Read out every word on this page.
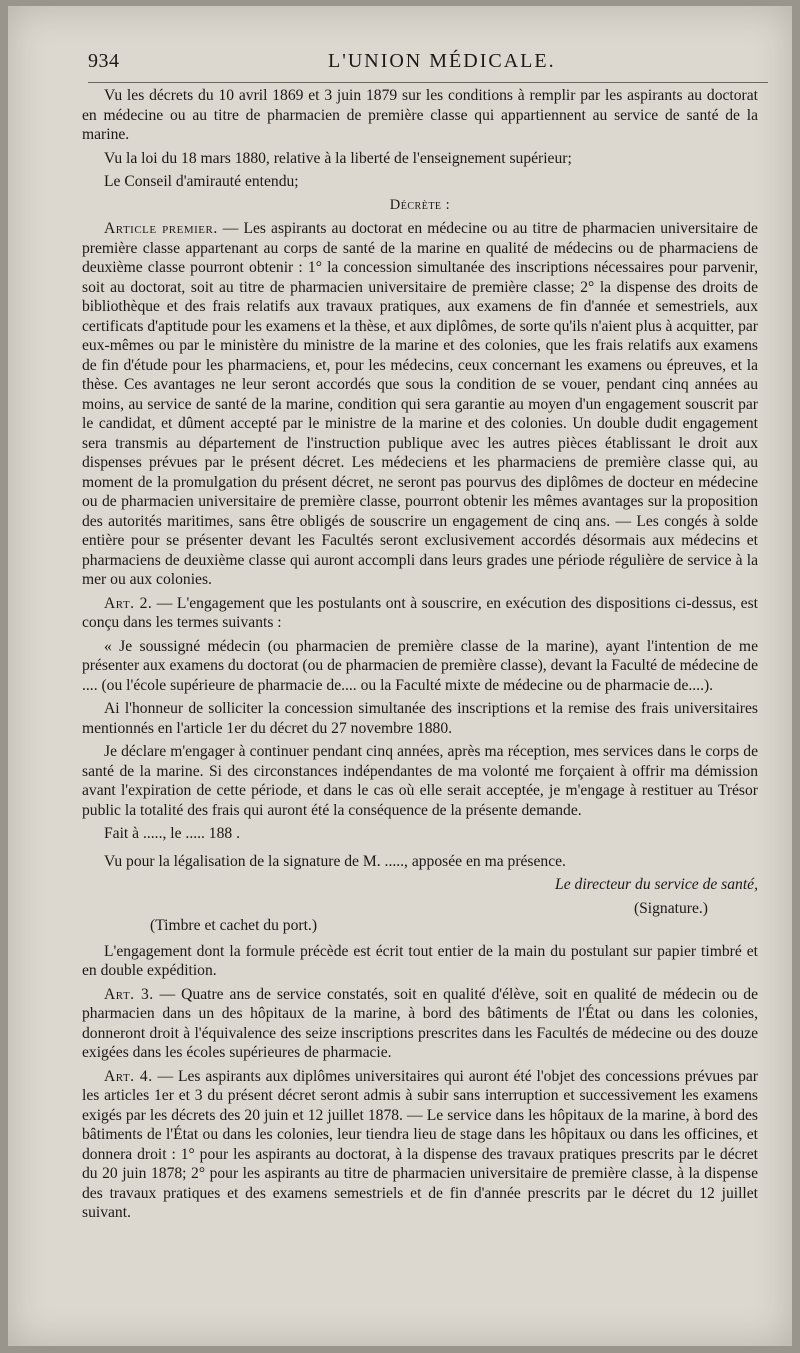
934	L'UNION MÉDICALE.

Vu les décrets du 10 avril 1869 et 3 juin 1879 sur les conditions à remplir par les aspirants au doctorat en médecine ou au titre de pharmacien de première classe qui appartiennent au service de santé de la marine.

Vu la loi du 18 mars 1880, relative à la liberté de l'enseignement supérieur;

Le Conseil d'amirauté entendu;

Décrète :

Article premier. — Les aspirants au doctorat en médecine ou au titre de pharmacien universitaire de première classe appartenant au corps de santé de la marine en qualité de médecins ou de pharmaciens de deuxième classe pourront obtenir : 1° la concession simultanée des inscriptions nécessaires pour parvenir, soit au doctorat, soit au titre de pharmacien universitaire de première classe; 2° la dispense des droits de bibliothèque et des frais relatifs aux travaux pratiques, aux examens de fin d'année et semestriels, aux certificats d'aptitude pour les examens et la thèse, et aux diplômes, de sorte qu'ils n'aient plus à acquitter, par eux-mêmes ou par le ministère du ministre de la marine et des colonies, que les frais relatifs aux examens de fin d'étude pour les pharmaciens, et, pour les médecins, ceux concernant les examens ou épreuves, et la thèse. Ces avantages ne leur seront accordés que sous la condition de se vouer, pendant cinq années au moins, au service de santé de la marine, condition qui sera garantie au moyen d'un engagement souscrit par le candidat, et dûment accepté par le ministre de la marine et des colonies. Un double dudit engagement sera transmis au département de l'instruction publique avec les autres pièces établissant le droit aux dispenses prévues par le présent décret. Les médeciens et les pharmaciens de première classe qui, au moment de la promulgation du présent décret, ne seront pas pourvus des diplômes de docteur en médecine ou de pharmacien universitaire de première classe, pourront obtenir les mêmes avantages sur la proposition des autorités maritimes, sans être obligés de souscrire un engagement de cinq ans. — Les congés à solde entière pour se présenter devant les Facultés seront exclusivement accordés désormais aux médecins et pharmaciens de deuxième classe qui auront accompli dans leurs grades une période régulière de service à la mer ou aux colonies.

Art. 2. — L'engagement que les postulants ont à souscrire, en exécution des dispositions ci-dessus, est conçu dans les termes suivants :

« Je soussigné médecin (ou pharmacien de première classe de la marine), ayant l'intention de me présenter aux examens du doctorat (ou de pharmacien de première classe), devant la Faculté de médecine de .... (ou l'école supérieure de pharmacie de.... ou la Faculté mixte de médecine ou de pharmacie de....).

Ai l'honneur de solliciter la concession simultanée des inscriptions et la remise des frais universitaires mentionnés en l'article 1er du décret du 27 novembre 1880.

Je déclare m'engager à continuer pendant cinq années, après ma réception, mes services dans le corps de santé de la marine. Si des circonstances indépendantes de ma volonté me forçaient à offrir ma démission avant l'expiration de cette période, et dans le cas où elle serait acceptée, je m'engage à restituer au Trésor public la totalité des frais qui auront été la conséquence de la présente demande.

Fait à ....., le ..... 188 .

Vu pour la légalisation de la signature de M. ....., apposée en ma présence.

Le directeur du service de santé,
(Signature.)
(Timbre et cachet du port.)

L'engagement dont la formule précède est écrit tout entier de la main du postulant sur papier timbré et en double expédition.

Art. 3. — Quatre ans de service constatés, soit en qualité d'élève, soit en qualité de médecin ou de pharmacien dans un des hôpitaux de la marine, à bord des bâtiments de l'État ou dans les colonies, donneront droit à l'équivalence des seize inscriptions prescrites dans les Facultés de médecine ou des douze exigées dans les écoles supérieures de pharmacie.

Art. 4. — Les aspirants aux diplômes universitaires qui auront été l'objet des concessions prévues par les articles 1er et 3 du présent décret seront admis à subir sans interruption et successivement les examens exigés par les décrets des 20 juin et 12 juillet 1878. — Le service dans les hôpitaux de la marine, à bord des bâtiments de l'État ou dans les colonies, leur tiendra lieu de stage dans les hôpitaux ou dans les officines, et donnera droit : 1° pour les aspirants au doctorat, à la dispense des travaux pratiques prescrits par le décret du 20 juin 1878; 2° pour les aspirants au titre de pharmacien universitaire de première classe, à la dispense des travaux pratiques et des examens semestriels et de fin d'année prescrits par le décret du 12 juillet suivant.
